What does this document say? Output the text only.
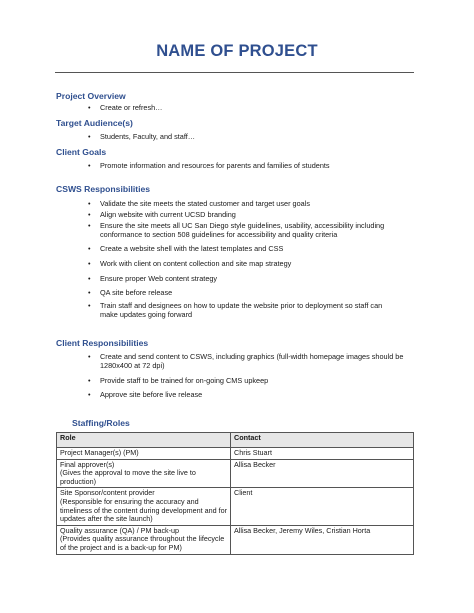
NAME OF PROJECT
Project Overview
• Create or refresh…
Target Audience(s)
• Students, Faculty, and staff…
Client Goals
• Promote information and resources for parents and families of students
CSWS Responsibilities
• Validate the site meets the stated customer and target user goals
• Align website with current UCSD branding
• Ensure the site meets all UC San Diego style guidelines, usability, accessibility including conformance to section 508 guidelines for accessibility and quality criteria
• Create a website shell with the latest templates and CSS
• Work with client on content collection and site map strategy
• Ensure proper Web content strategy
• QA site before release
• Train staff and designees on how to update the website prior to deployment so staff can make updates going forward
Client Responsibilities
• Create and send content to CSWS, including graphics (full-width homepage images should be 1280x400 at 72 dpi)
• Provide staff to be trained for on-going CMS upkeep
• Approve site before live release
Staffing/Roles
Role	Contact

Project Manager(s) (PM)	Chris Stuart

Final approver(s)
(Gives the approval to move the site live to production)	Allisa Becker

Site Sponsor/content provider
(Responsible for ensuring the accuracy and timeliness of the content during development and for updates after the site launch)	Client

Quality assurance (QA) / PM back-up
(Provides quality assurance throughout the lifecycle of the project and is a back-up for PM)	Allisa Becker, Jeremy Wiles, Cristian Horta
